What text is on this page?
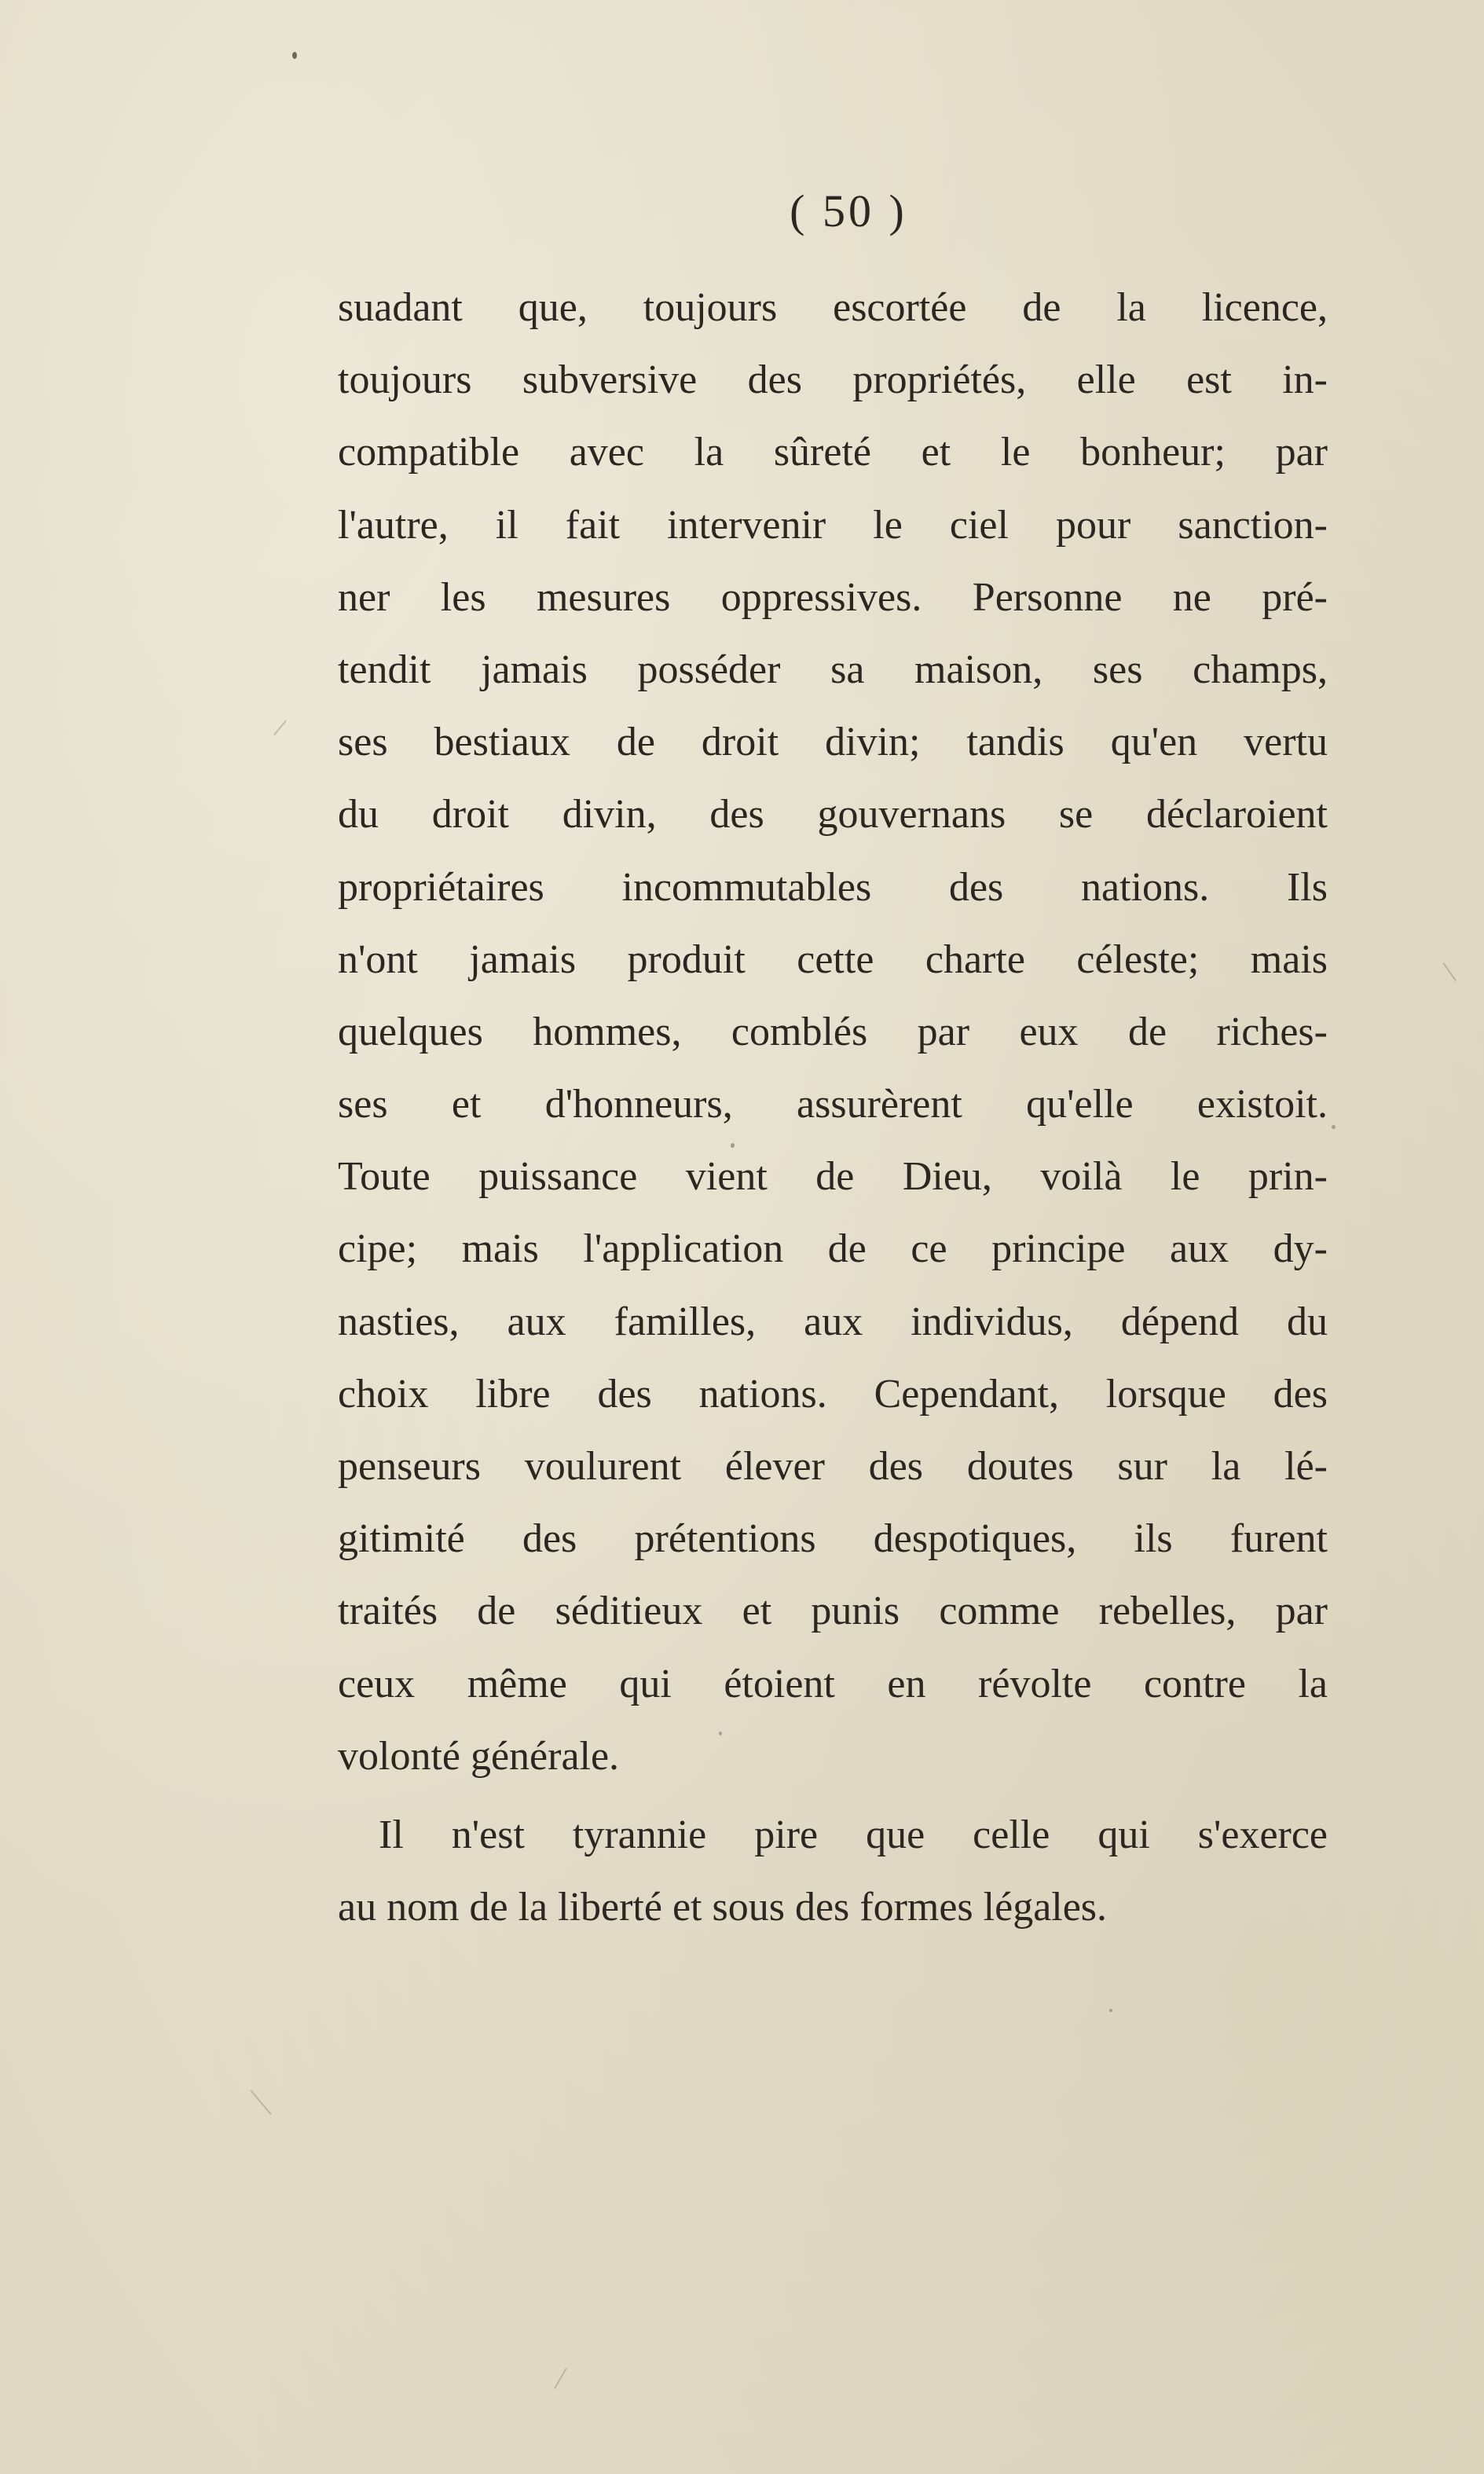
( 50 )
suadant que, toujours escortée de la licence,
toujours subversive des propriétés, elle est in-
compatible avec la sûreté et le bonheur; par
l'autre, il fait intervenir le ciel pour sanction-
ner les mesures oppressives. Personne ne pré-
tendit jamais posséder sa maison, ses champs,
ses bestiaux de droit divin; tandis qu'en vertu
du droit divin, des gouvernans se déclaroient
propriétaires incommutables des nations. Ils
n'ont jamais produit cette charte céleste; mais
quelques hommes, comblés par eux de riches-
ses et d'honneurs, assurèrent qu'elle existoit.
Toute puissance vient de Dieu, voilà le prin-
cipe; mais l'application de ce principe aux dy-
nasties, aux familles, aux individus, dépend du
choix libre des nations. Cependant, lorsque des
penseurs voulurent élever des doutes sur la lé-
gitimité des prétentions despotiques, ils furent
traités de séditieux et punis comme rebelles, par
ceux même qui étoient en révolte contre la
volonté générale.
Il n'est tyrannie pire que celle qui s'exerce
au nom de la liberté et sous des formes légales.
